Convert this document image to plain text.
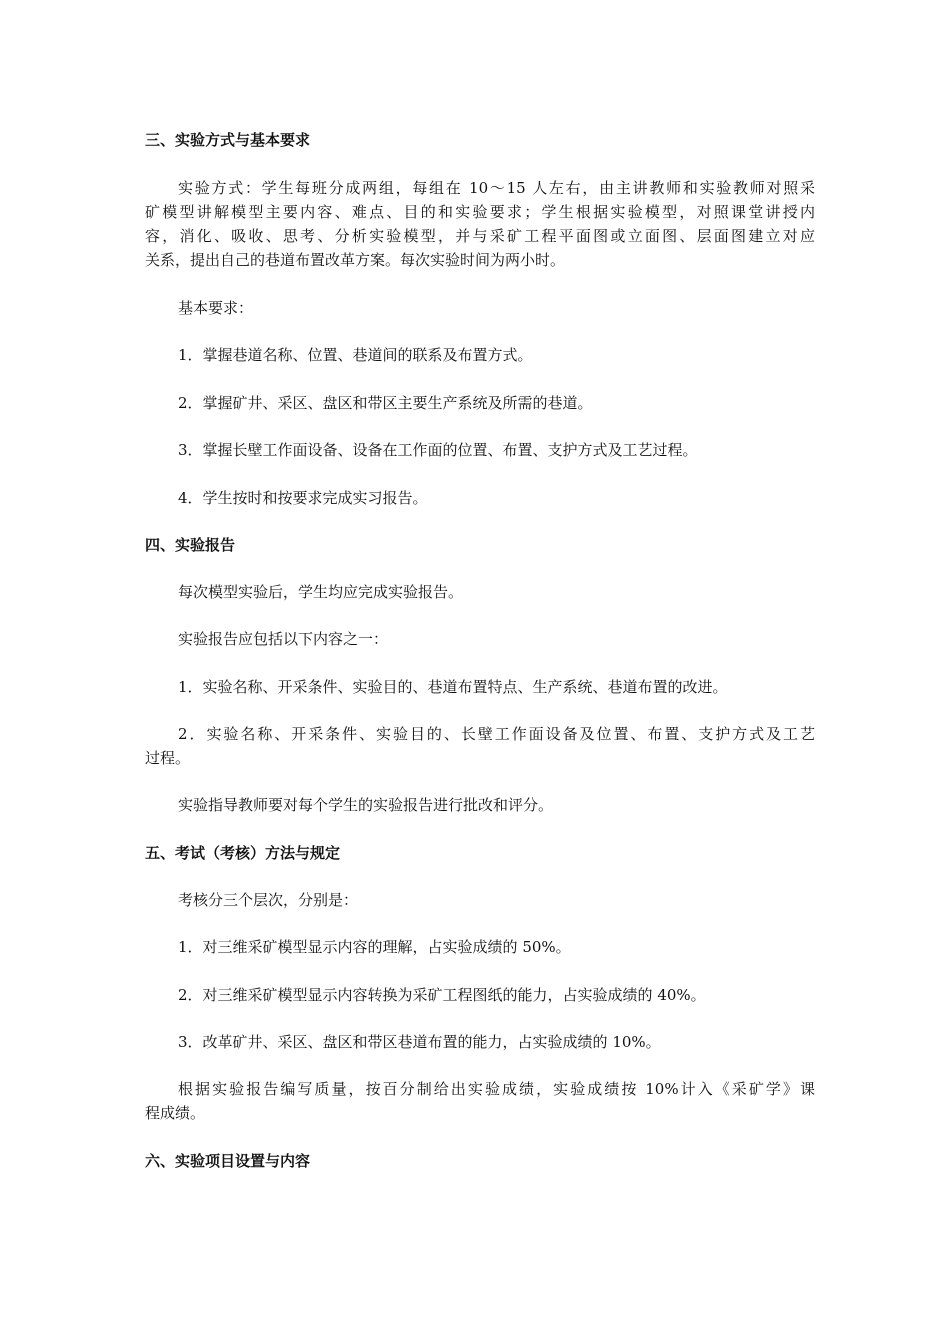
三、实验方式与基本要求
实验方式：学生每班分成两组，每组在 10～15 人左右，由主讲教师和实验教师对照采
矿模型讲解模型主要内容、难点、目的和实验要求；学生根据实验模型，对照课堂讲授内
容，消化、吸收、思考、分析实验模型，并与采矿工程平面图或立面图、层面图建立对应
关系，提出自己的巷道布置改革方案。每次实验时间为两小时。
基本要求：
1．掌握巷道名称、位置、巷道间的联系及布置方式。
2．掌握矿井、采区、盘区和带区主要生产系统及所需的巷道。
3．掌握长壁工作面设备、设备在工作面的位置、布置、支护方式及工艺过程。
4．学生按时和按要求完成实习报告。
四、实验报告
每次模型实验后，学生均应完成实验报告。
实验报告应包括以下内容之一：
1．实验名称、开采条件、实验目的、巷道布置特点、生产系统、巷道布置的改进。
2．实验名称、开采条件、实验目的、长壁工作面设备及位置、布置、支护方式及工艺
过程。
实验指导教师要对每个学生的实验报告进行批改和评分。
五、考试（考核）方法与规定
考核分三个层次，分别是：
1．对三维采矿模型显示内容的理解，占实验成绩的 50%。
2．对三维采矿模型显示内容转换为采矿工程图纸的能力，占实验成绩的 40%。
3．改革矿井、采区、盘区和带区巷道布置的能力，占实验成绩的 10%。
根据实验报告编写质量，按百分制给出实验成绩，实验成绩按 10%计入《采矿学》课
程成绩。
六、实验项目设置与内容
